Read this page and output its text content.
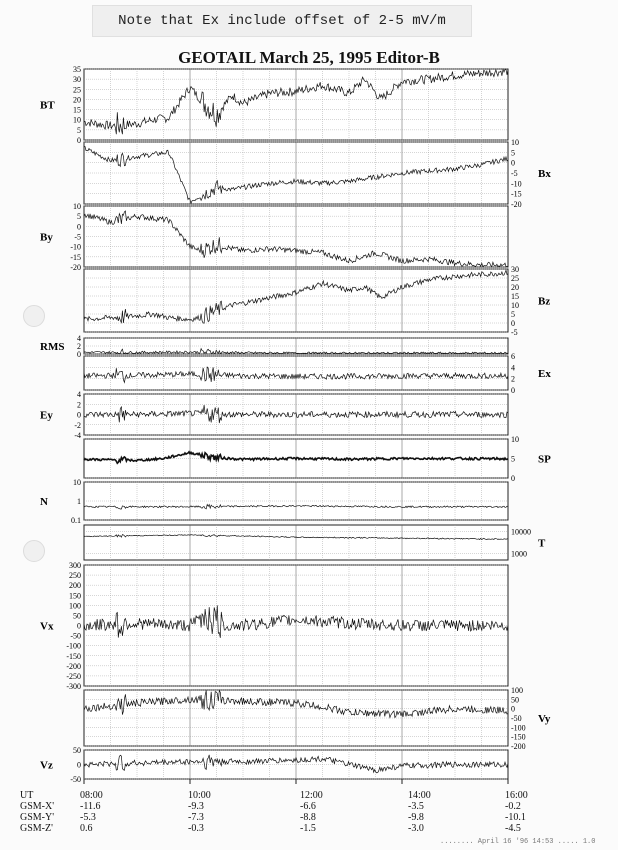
Note that Ex include offset of 2-5 mV/m
GEOTAIL March 25, 1995 Editor-B
0
5
10
15
20
25
30
35
BT
-20
-15
-10
-5
0
5
10
Bx
-20
-15
-10
-5
0
5
10
By
-5
0
5
10
15
20
25
30
Bz
0
2
4
RMS
0
2
4
6
Ex
-4
-2
0
2
4
Ey
0
5
10
SP
0.1
1
10
N
1000
10000
T
-300
-250
-200
-150
-100
-50
0
50
100
150
200
250
300
Vx
-200
-150
-100
-50
0
50
100
Vy
-50
0
50
Vz
UT
GSM-X'
GSM-Y'
GSM-Z'
08:00
-11.6
-5.3
0.6
10:00
-9.3
-7.3
-0.3
12:00
-6.6
-8.8
-1.5
14:00
-3.5
-9.8
-3.0
16:00
-0.2
-10.1
-4.5
........ April 16 '96 14:53 ..... 1.0
